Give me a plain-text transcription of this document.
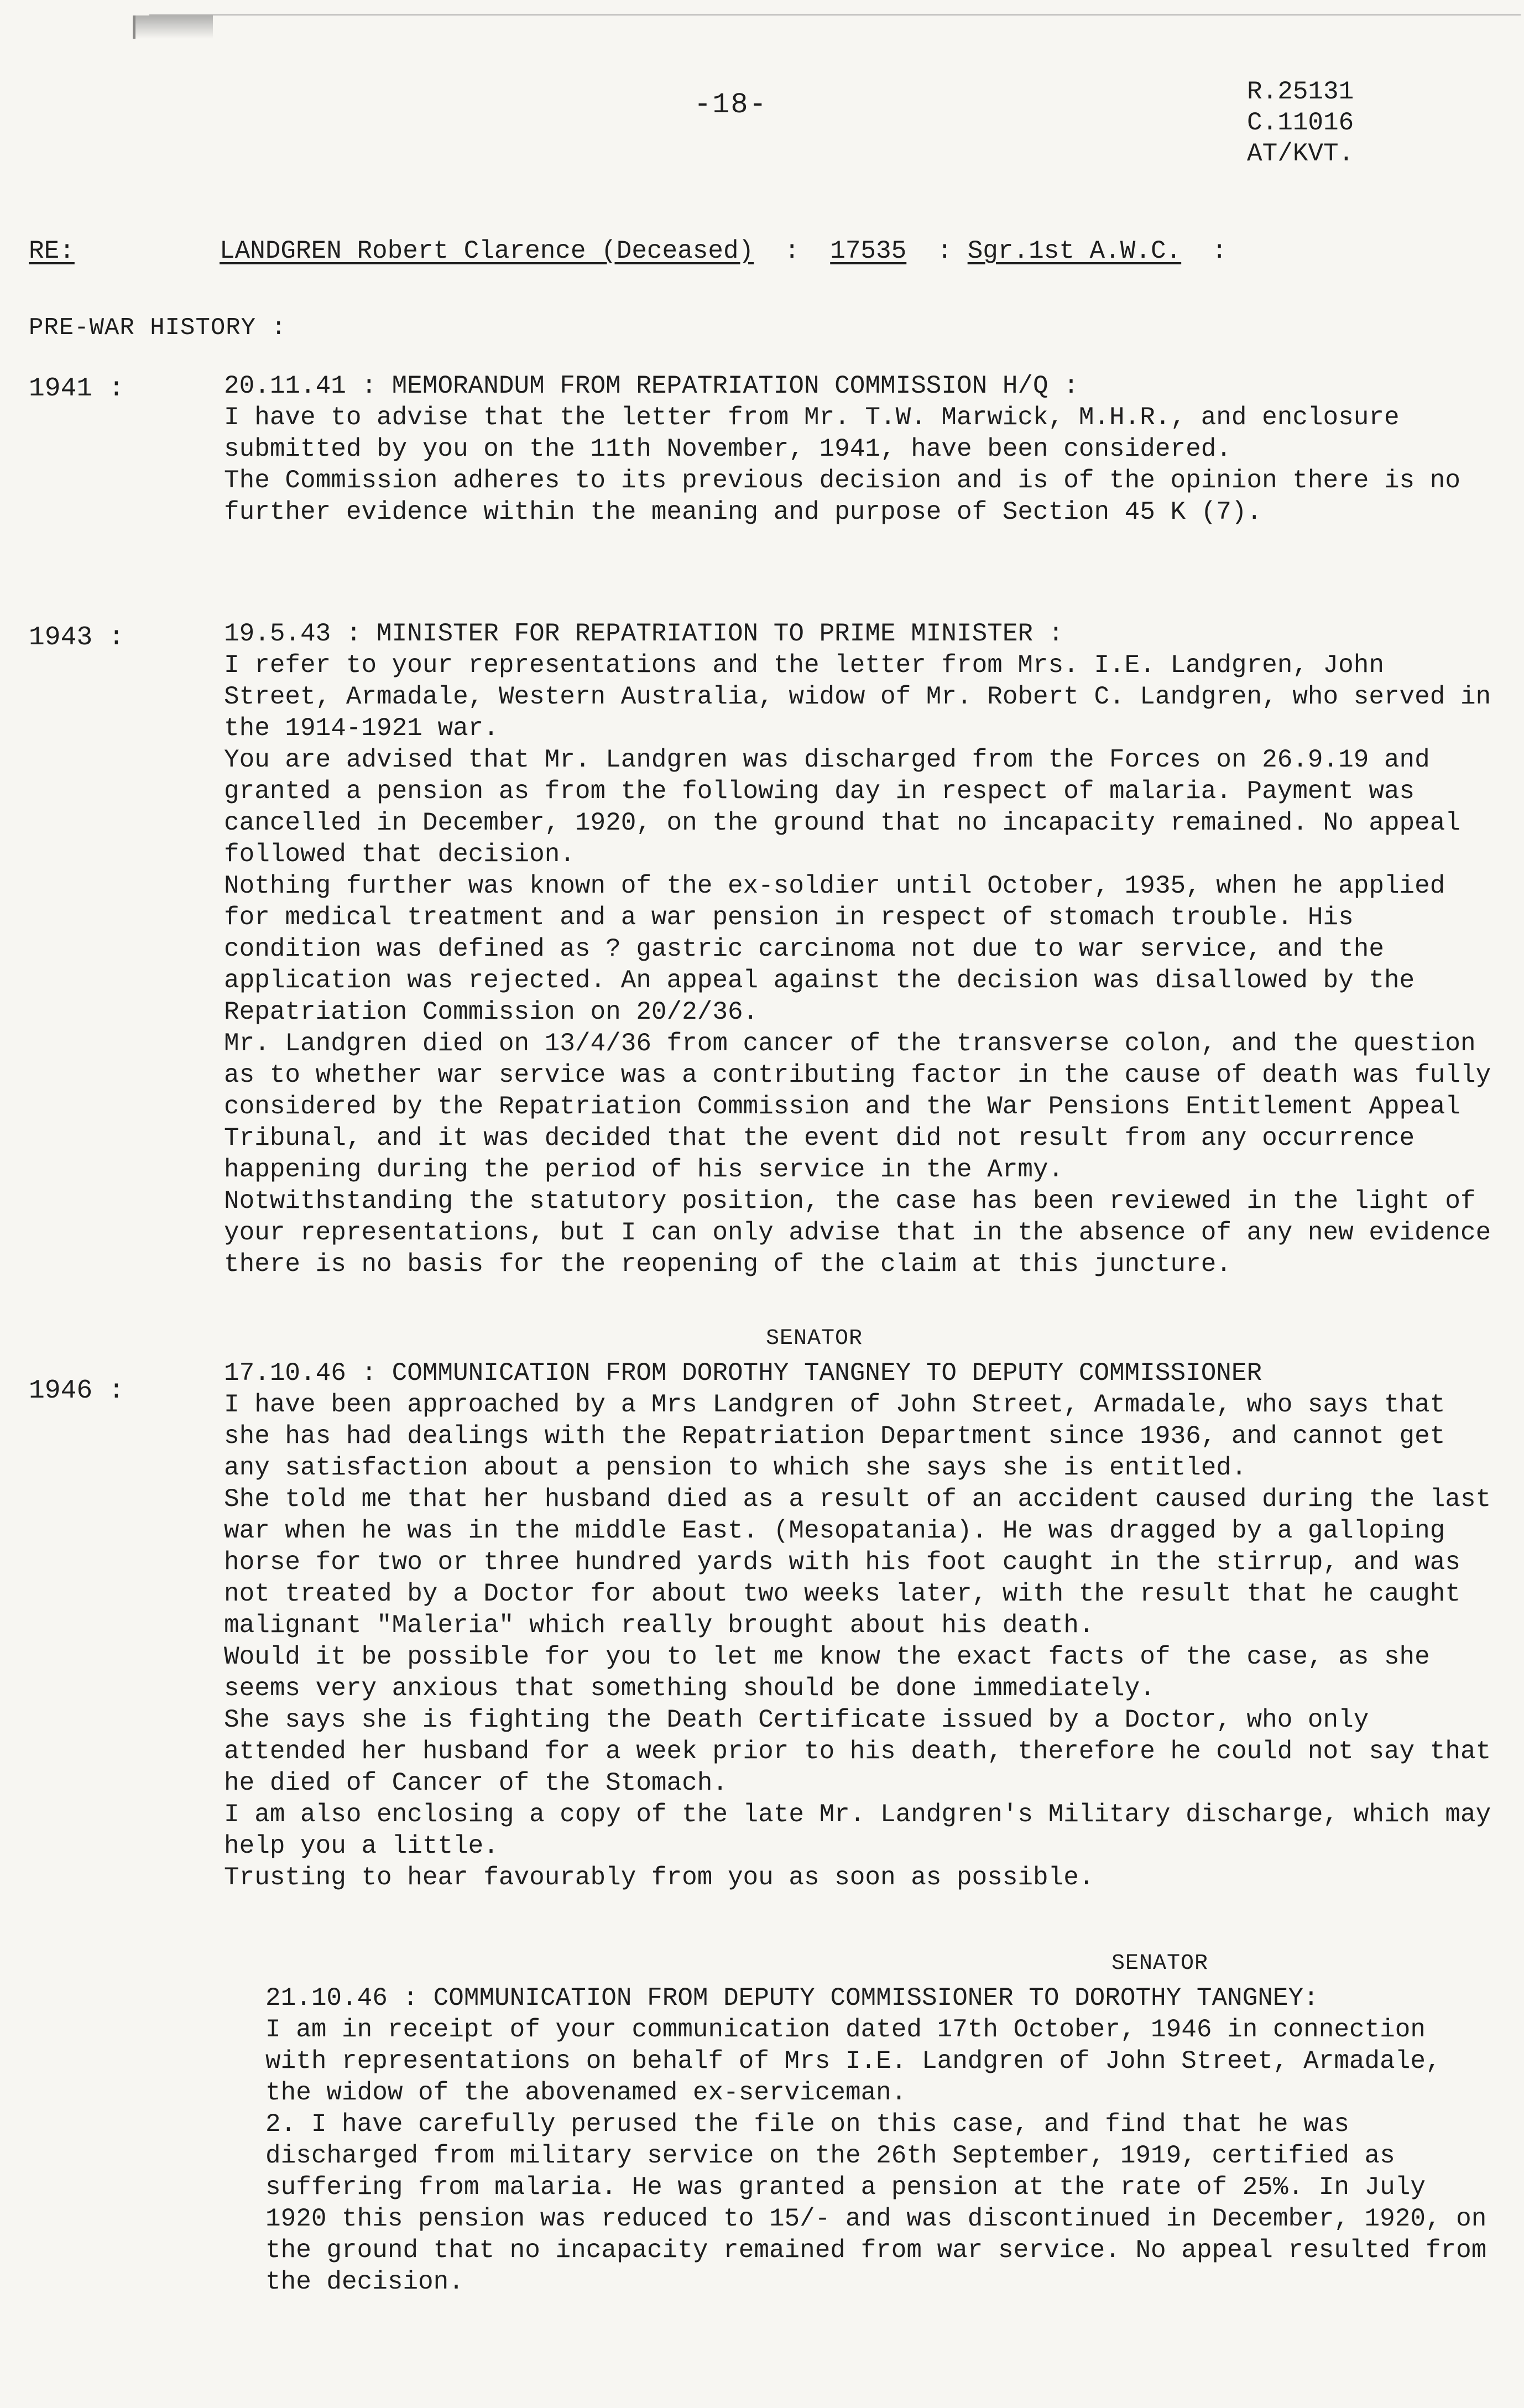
-18-	R.25131
C.11016
AT/KVT.
RE:	LANDGREN Robert Clarence (Deceased) : 17535 : Sgr.1st A.W.C. :
PRE-WAR HISTORY :
1941 :	20.11.41 : MEMORANDUM FROM REPATRIATION COMMISSION H/Q :

I have to advise that the letter from Mr. T.W. Marwick, M.H.R., and enclosure submitted by you on the 11th November, 1941, have been considered.

The Commission adheres to its previous decision and is of the opinion there is no further evidence within the meaning and purpose of Section 45 K (7).

1943 :	19.5.43 : MINISTER FOR REPATRIATION TO PRIME MINISTER :

I refer to your representations and the letter from Mrs. I.E. Landgren, John Street, Armadale, Western Australia, widow of Mr. Robert C. Landgren, who served in the 1914-1921 war.

You are advised that Mr. Landgren was discharged from the Forces on 26.9.19 and granted a pension as from the following day in respect of malaria. Payment was cancelled in December, 1920, on the ground that no incapacity remained. No appeal followed that decision.

Nothing further was known of the ex-soldier until October, 1935, when he applied for medical treatment and a war pension in respect of stomach trouble. His condition was defined as ? gastric carcinoma not due to war service, and the application was rejected. An appeal against the decision was disallowed by the Repatriation Commission on 20/2/36.

Mr. Landgren died on 13/4/36 from cancer of the transverse colon, and the question as to whether war service was a contributing factor in the cause of death was fully considered by the Repatriation Commission and the War Pensions Entitlement Appeal Tribunal, and it was decided that the event did not result from any occurrence happening during the period of his service in the Army.

Notwithstanding the statutory position, the case has been reviewed in the light of your representations, but I can only advise that in the absence of any new evidence there is no basis for the reopening of the claim at this juncture.

SENATOR
1946 :
17.10.46 : COMMUNICATION FROM DOROTHY TANGNEY TO DEPUTY COMMISSIONER

I have been approached by a Mrs Landgren of John Street, Armadale, who says that she has had dealings with the Repatriation Department since 1936, and cannot get any satisfaction about a pension to which she says she is entitled.

She told me that her husband died as a result of an accident caused during the last war when he was in the middle East. (Mesopatania). He was dragged by a galloping horse for two or three hundred yards with his foot caught in the stirrup, and was not treated by a Doctor for about two weeks later, with the result that he caught malignant "Maleria" which really brought about his death.

Would it be possible for you to let me know the exact facts of the case, as she seems very anxious that something should be done immediately.

She says she is fighting the Death Certificate issued by a Doctor, who only attended her husband for a week prior to his death, therefore he could not say that he died of Cancer of the Stomach.

I am also enclosing a copy of the late Mr. Landgren's Military discharge, which may help you a little.

Trusting to hear favourably from you as soon as possible.

SENATOR
21.10.46 : COMMUNICATION FROM DEPUTY COMMISSIONER TO DOROTHY TANGNEY:

I am in receipt of your communication dated 17th October, 1946 in connection with representations on behalf of Mrs I.E. Landgren of John Street, Armadale, the widow of the abovenamed ex-serviceman.

2. I have carefully perused the file on this case, and find that he was discharged from military service on the 26th September, 1919, certified as suffering from malaria. He was granted a pension at the rate of 25%. In July 1920 this pension was reduced to 15/- and was discontinued in December, 1920, on the ground that no incapacity remained from war service. No appeal resulted from the decision.
